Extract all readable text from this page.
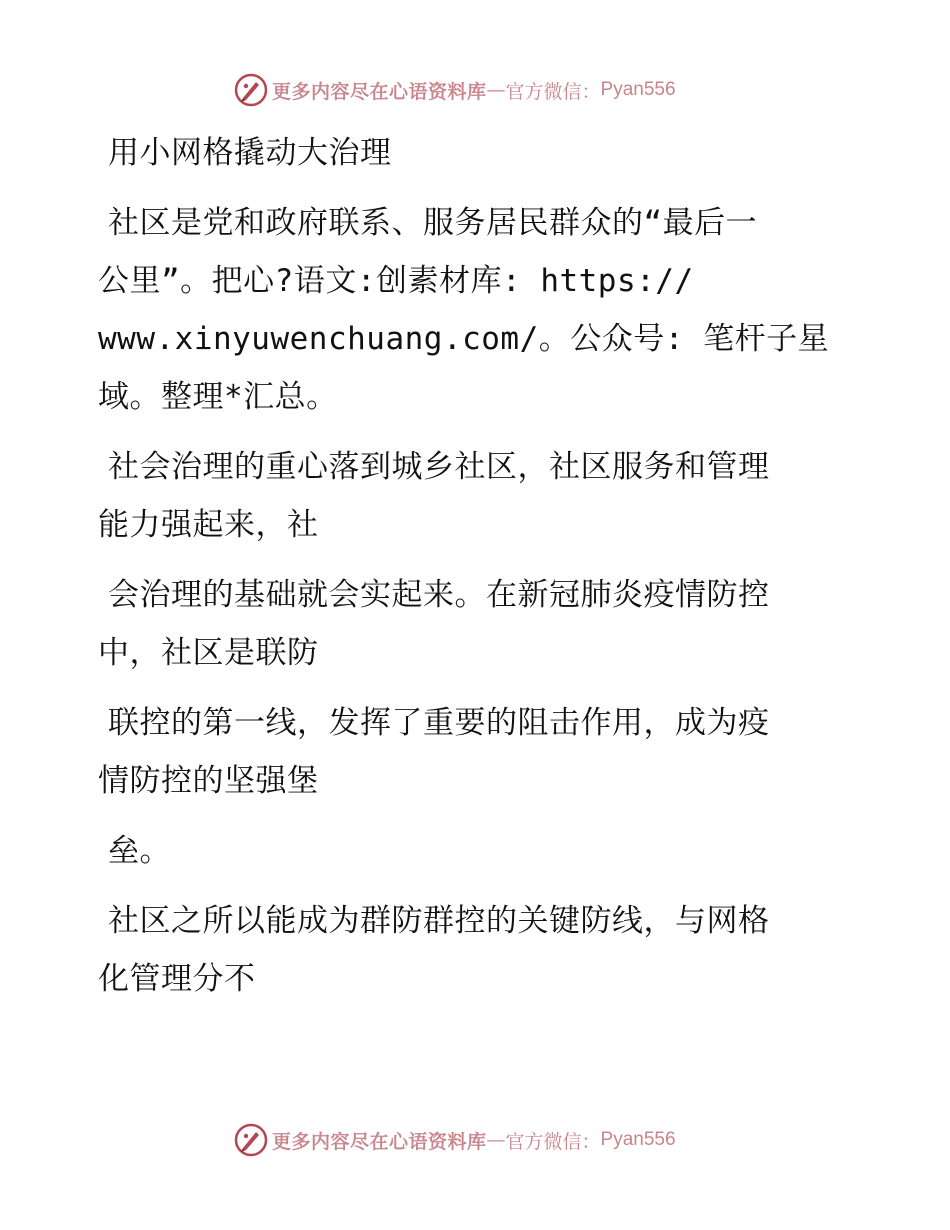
更多内容尽在心语资料库 — 官方微信： Pyan556
用小网格撬动大治理
社区是党和政府联系、服务居民群众的“最后一
公里”。把心?语文:创素材库: https://
www.xinyuwenchuang.com/。公众号: 笔杆子星
域。整理*汇总。
社会治理的重心落到城乡社区，社区服务和管理
能力强起来，社
会治理的基础就会实起来。在新冠肺炎疫情防控
中，社区是联防
联控的第一线，发挥了重要的阻击作用，成为疫
情防控的坚强堡
垒。
社区之所以能成为群防群控的关键防线，与网格
化管理分不
更多内容尽在心语资料库 — 官方微信： Pyan556
